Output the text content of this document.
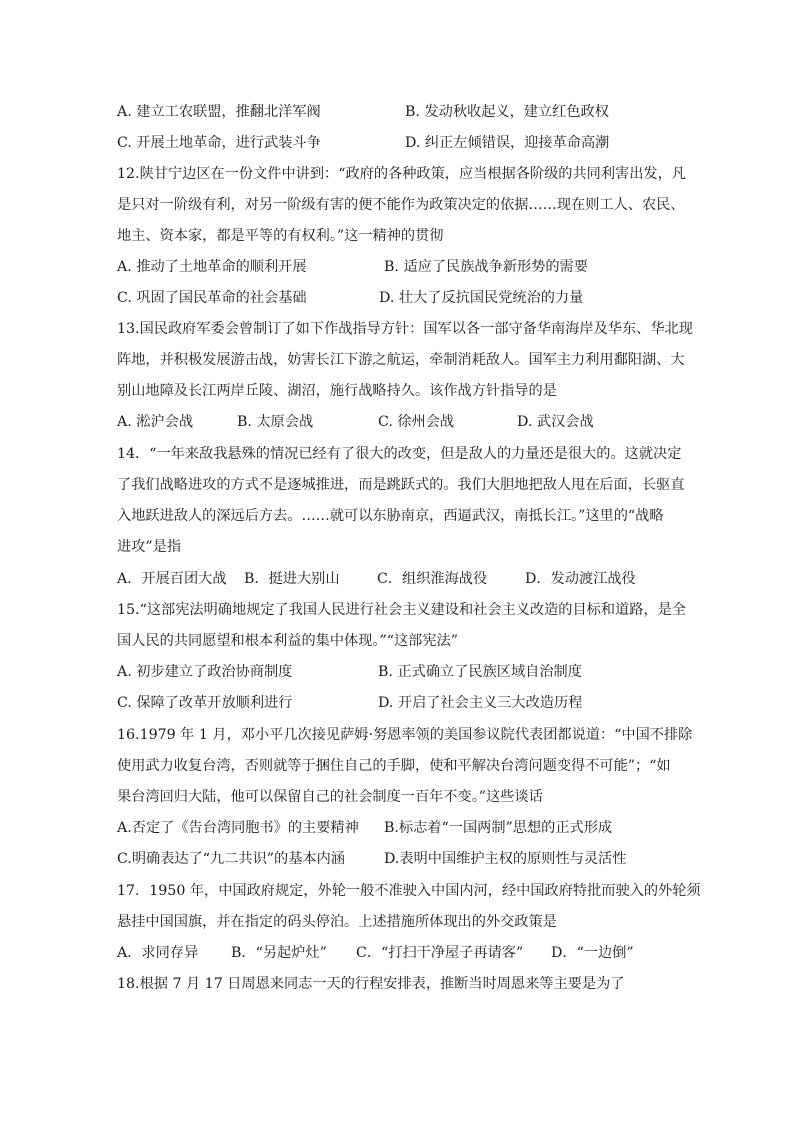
A. 建立工农联盟，推翻北洋军阀	B. 发动秋收起义，建立红色政权
C. 开展土地革命，进行武装斗争	D. 纠正左倾错误，迎接革命高潮
12.陕甘宁边区在一份文件中讲到：“政府的各种政策，应当根据各阶级的共同利害出发，凡
是只对一阶级有利，对另一阶级有害的便不能作为政策决定的依据……现在则工人、农民、
地主、资本家，都是平等的有权利。”这一精神的贯彻
A. 推动了土地革命的顺利开展	B. 适应了民族战争新形势的需要
C. 巩固了国民革命的社会基础	D. 壮大了反抗国民党统治的力量
13.国民政府军委会曾制订了如下作战指导方针：国军以各一部守备华南海岸及华东、华北现
阵地，并积极发展游击战，妨害长江下游之航运，牵制消耗敌人。国军主力利用鄱阳湖、大
别山地障及长江两岸丘陵、湖沼，施行战略持久。该作战方针指导的是
A. 淞沪会战	B. 太原会战	C. 徐州会战	D. 武汉会战
14．“一年来敌我悬殊的情况已经有了很大的改变，但是敌人的力量还是很大的。这就决定
了我们战略进攻的方式不是逐城推进，而是跳跃式的。我们大胆地把敌人甩在后面，长驱直
入地跃进敌人的深远后方去。……就可以东胁南京，西逼武汉，南抵长江。”这里的“战略
进攻”是指
A．开展百团大战 B．挺进大别山	C．组织淮海战役	D．发动渡江战役
15.“这部宪法明确地规定了我国人民进行社会主义建设和社会主义改造的目标和道路，是全
国人民的共同愿望和根本利益的集中体现。”“这部宪法”
A. 初步建立了政治协商制度	B. 正式确立了民族区域自治制度
C. 保障了改革开放顺利进行	D. 开启了社会主义三大改造历程
16.1979 年 1 月，邓小平几次接见萨姆·努恩率领的美国参议院代表团都说道：“中国不排除
使用武力收复台湾，否则就等于捆住自己的手脚，使和平解决台湾问题变得不可能”；“如
果台湾回归大陆，他可以保留自己的社会制度一百年不变。”这些谈话
A.否定了《告台湾同胞书》的主要精神 B.标志着“一国两制”思想的正式形成
C.明确表达了“九二共识”的基本内涵	D.表明中国维护主权的原则性与灵活性
17．1950 年，中国政府规定，外轮一般不准驶入中国内河，经中国政府特批而驶入的外轮须
悬挂中国国旗，并在指定的码头停泊。上述措施所体现出的外交政策是
A．求同存异 B．“另起炉灶” C．“打扫干净屋子再请客” D．“一边倒”
18.根据 7 月 17 日周恩来同志一天的行程安排表，推断当时周恩来等主要是为了
